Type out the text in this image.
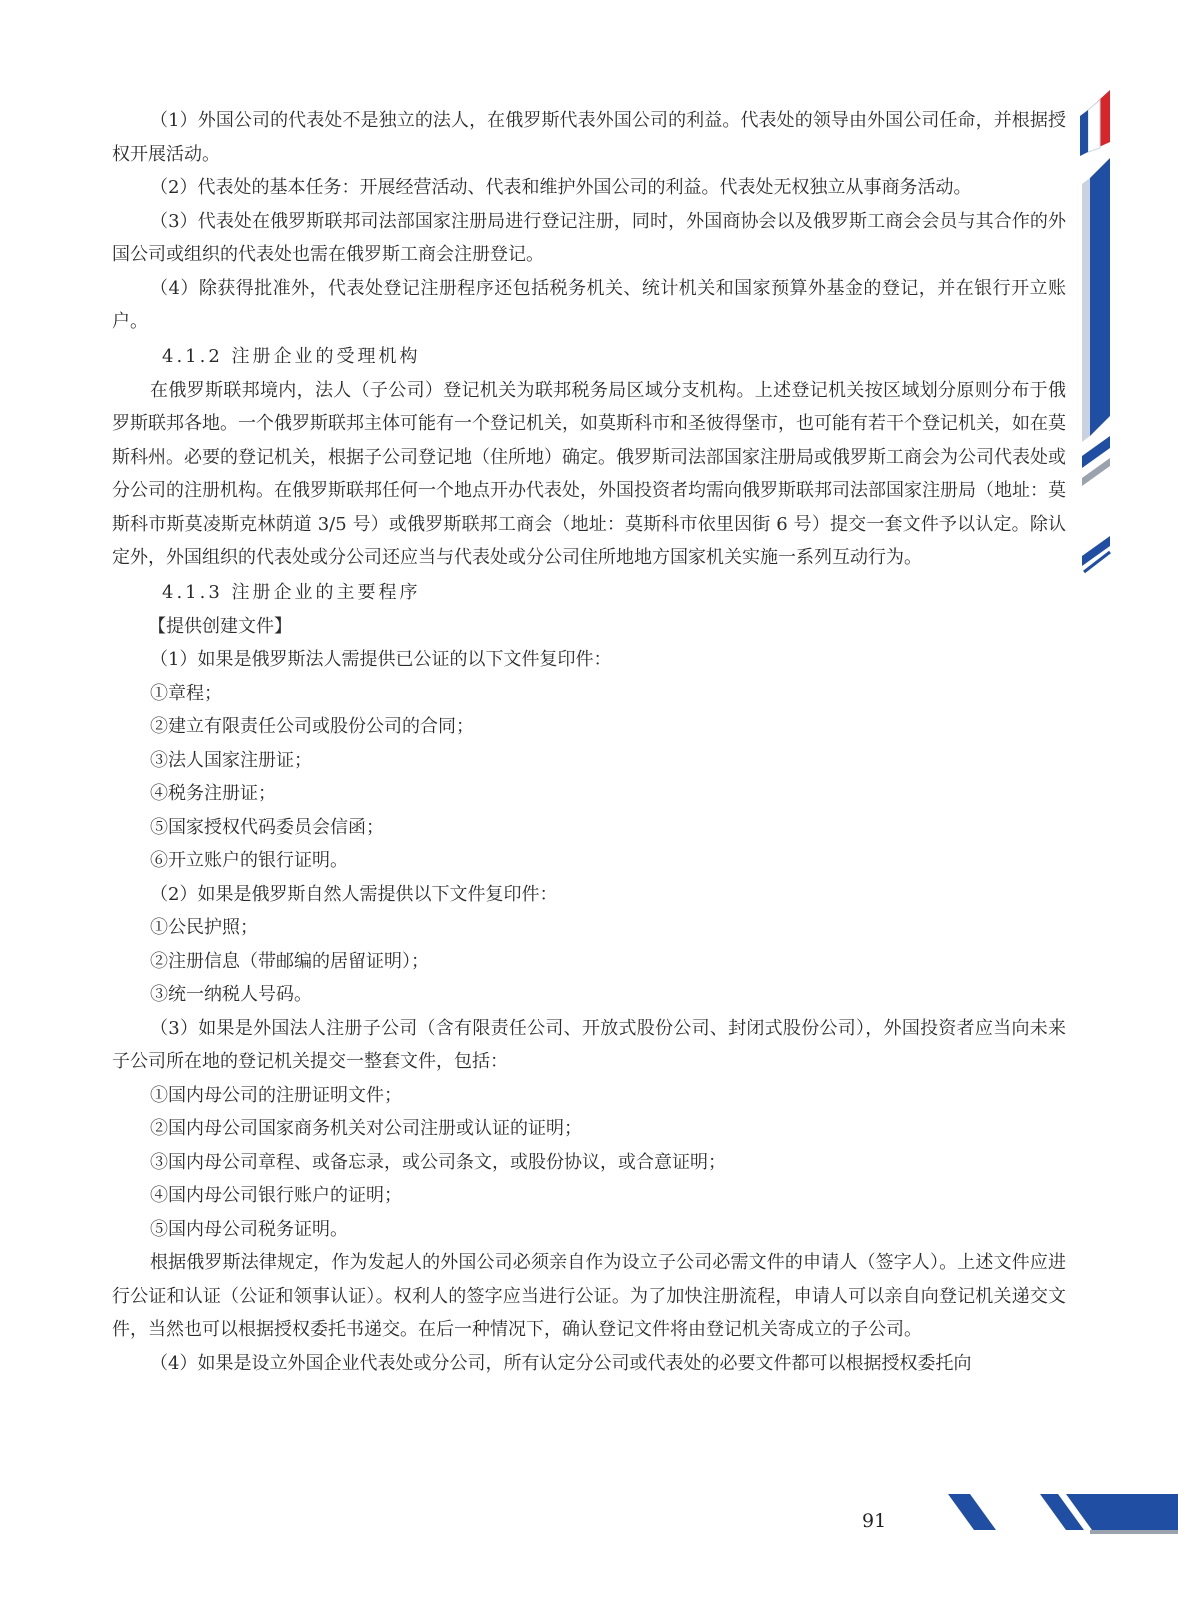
（1）外国公司的代表处不是独立的法人，在俄罗斯代表外国公司的利益。代表处的领导由外国公司任命，并根据授权开展活动。

（2）代表处的基本任务：开展经营活动、代表和维护外国公司的利益。代表处无权独立从事商务活动。

（3）代表处在俄罗斯联邦司法部国家注册局进行登记注册，同时，外国商协会以及俄罗斯工商会会员与其合作的外国公司或组织的代表处也需在俄罗斯工商会注册登记。

（4）除获得批准外，代表处登记注册程序还包括税务机关、统计机关和国家预算外基金的登记，并在银行开立账户。

4.1.2 注册企业的受理机构

在俄罗斯联邦境内，法人（子公司）登记机关为联邦税务局区域分支机构。上述登记机关按区域划分原则分布于俄罗斯联邦各地。一个俄罗斯联邦主体可能有一个登记机关，如莫斯科市和圣彼得堡市，也可能有若干个登记机关，如在莫斯科州。必要的登记机关，根据子公司登记地（住所地）确定。俄罗斯司法部国家注册局或俄罗斯工商会为公司代表处或分公司的注册机构。在俄罗斯联邦任何一个地点开办代表处，外国投资者均需向俄罗斯联邦司法部国家注册局（地址：莫斯科市斯莫凌斯克林荫道 3/5 号）或俄罗斯联邦工商会（地址：莫斯科市依里因街 6 号）提交一套文件予以认定。除认定外，外国组织的代表处或分公司还应当与代表处或分公司住所地地方国家机关实施一系列互动行为。

4.1.3 注册企业的主要程序

【提供创建文件】

（1）如果是俄罗斯法人需提供已公证的以下文件复印件：

①章程；

②建立有限责任公司或股份公司的合同；

③法人国家注册证；

④税务注册证；

⑤国家授权代码委员会信函；

⑥开立账户的银行证明。

（2）如果是俄罗斯自然人需提供以下文件复印件：

①公民护照；

②注册信息（带邮编的居留证明）；

③统一纳税人号码。

（3）如果是外国法人注册子公司（含有限责任公司、开放式股份公司、封闭式股份公司），外国投资者应当向未来子公司所在地的登记机关提交一整套文件，包括：

①国内母公司的注册证明文件；

②国内母公司国家商务机关对公司注册或认证的证明；

③国内母公司章程、或备忘录，或公司条文，或股份协议，或合意证明；

④国内母公司银行账户的证明；

⑤国内母公司税务证明。

根据俄罗斯法律规定，作为发起人的外国公司必须亲自作为设立子公司必需文件的申请人（签字人）。上述文件应进行公证和认证（公证和领事认证）。权利人的签字应当进行公证。为了加快注册流程，申请人可以亲自向登记机关递交文件，当然也可以根据授权委托书递交。在后一种情况下，确认登记文件将由登记机关寄成立的子公司。

（4）如果是设立外国企业代表处或分公司，所有认定分公司或代表处的必要文件都可以根据授权委托向

91
